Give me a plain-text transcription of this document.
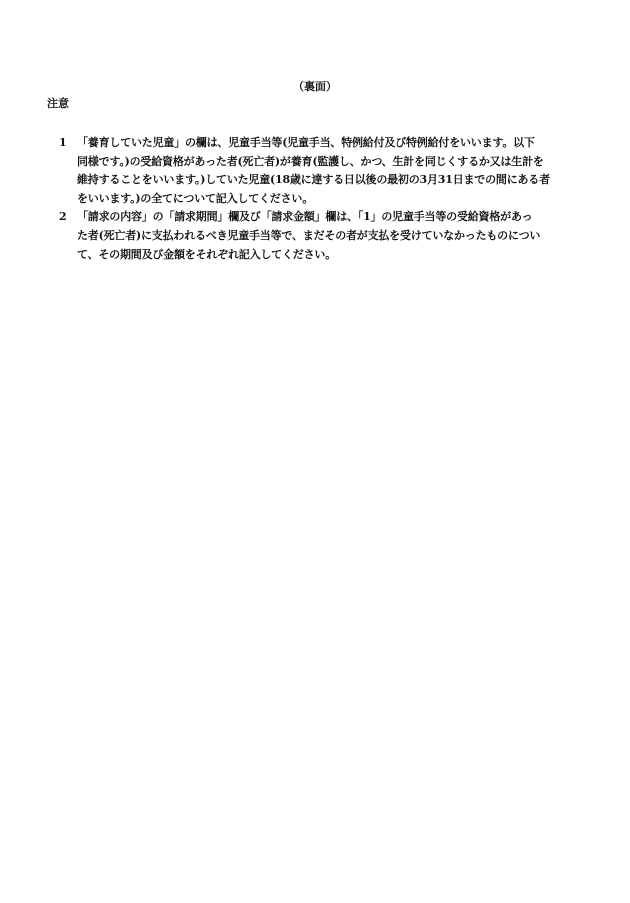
（裏面）
注意
1 「養育していた児童」の欄は、児童手当等(児童手当、特例給付及び特例給付をいいます。以下
同様です。)の受給資格があった者(死亡者)が養育(監護し、かつ、生計を同じくするか又は生計を
維持することをいいます。)していた児童(18歳に達する日以後の最初の3月31日までの間にある者
をいいます。)の全てについて記入してください。
2 「請求の内容」の「請求期間」欄及び「請求金額」欄は、「1」の児童手当等の受給資格があっ
た者(死亡者)に支払われるべき児童手当等で、まだその者が支払を受けていなかったものについ
て、その期間及び金額をそれぞれ記入してください。
